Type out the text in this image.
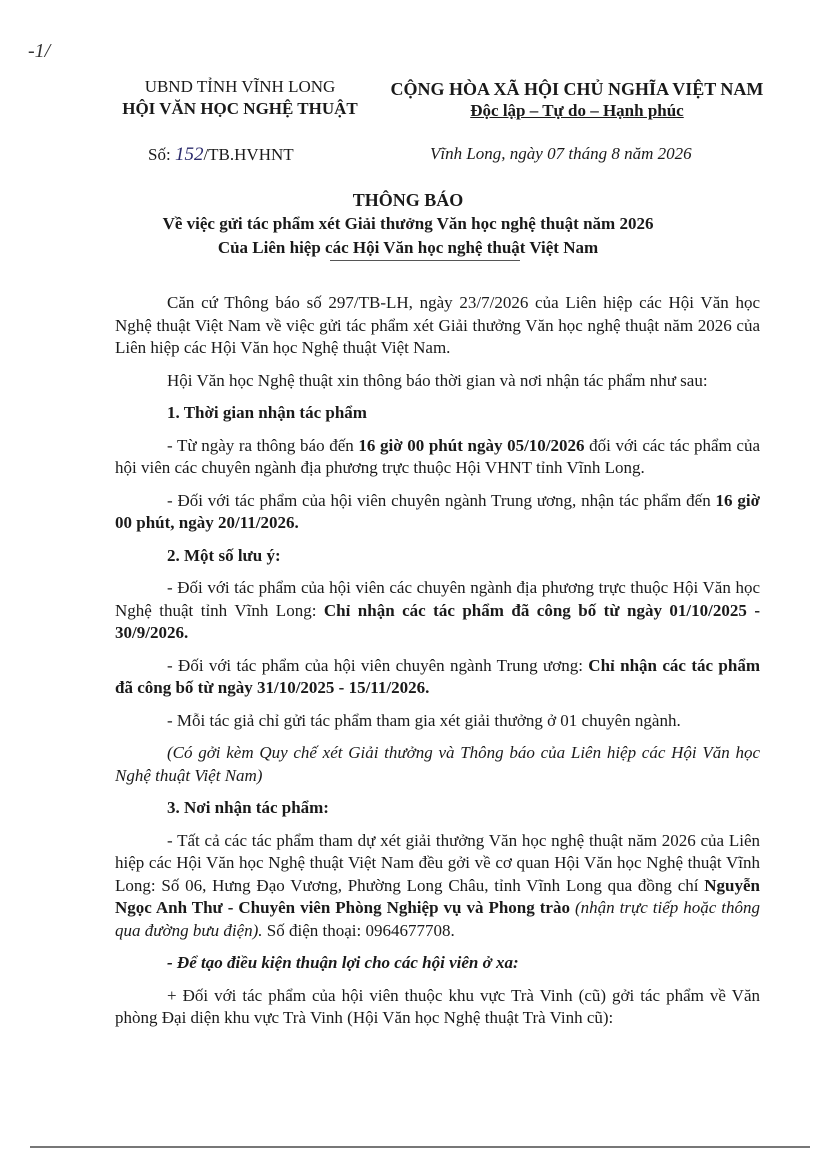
-1/
UBND TỈNH VĨNH LONG
HỘI VĂN HỌC NGHỆ THUẬT
CỘNG HÒA XÃ HỘI CHỦ NGHĨA VIỆT NAM
Độc lập – Tự do – Hạnh phúc
Số: 152/TB.HVHNT	Vĩnh Long, ngày 07 tháng 8 năm 2026
THÔNG BÁO
Về việc gửi tác phẩm xét Giải thưởng Văn học nghệ thuật năm 2026
Của Liên hiệp các Hội Văn học nghệ thuật Việt Nam

Căn cứ Thông báo số 297/TB-LH, ngày 23/7/2026 của Liên hiệp các Hội Văn học Nghệ thuật Việt Nam về việc gửi tác phẩm xét Giải thưởng Văn học nghệ thuật năm 2026 của Liên hiệp các Hội Văn học Nghệ thuật Việt Nam.

Hội Văn học Nghệ thuật xin thông báo thời gian và nơi nhận tác phẩm như sau:

1. Thời gian nhận tác phẩm

- Từ ngày ra thông báo đến 16 giờ 00 phút ngày 05/10/2026 đối với các tác phẩm của hội viên các chuyên ngành địa phương trực thuộc Hội VHNT tỉnh Vĩnh Long.

- Đối với tác phẩm của hội viên chuyên ngành Trung ương, nhận tác phẩm đến 16 giờ 00 phút, ngày 20/11/2026.

2. Một số lưu ý:

- Đối với tác phẩm của hội viên các chuyên ngành địa phương trực thuộc Hội Văn học Nghệ thuật tỉnh Vĩnh Long: Chỉ nhận các tác phẩm đã công bố từ ngày 01/10/2025 - 30/9/2026.

- Đối với tác phẩm của hội viên chuyên ngành Trung ương: Chỉ nhận các tác phẩm đã công bố từ ngày 31/10/2025 - 15/11/2026.

- Mỗi tác giả chỉ gửi tác phẩm tham gia xét giải thưởng ở 01 chuyên ngành.

(Có gởi kèm Quy chế xét Giải thưởng và Thông báo của Liên hiệp các Hội Văn học Nghệ thuật Việt Nam)

3. Nơi nhận tác phẩm:

- Tất cả các tác phẩm tham dự xét giải thưởng Văn học nghệ thuật năm 2026 của Liên hiệp các Hội Văn học Nghệ thuật Việt Nam đều gởi về cơ quan Hội Văn học Nghệ thuật Vĩnh Long: Số 06, Hưng Đạo Vương, Phường Long Châu, tỉnh Vĩnh Long qua đồng chí Nguyễn Ngọc Anh Thư - Chuyên viên Phòng Nghiệp vụ và Phong trào (nhận trực tiếp hoặc thông qua đường bưu điện). Số điện thoại: 0964677708.

- Để tạo điều kiện thuận lợi cho các hội viên ở xa:

+ Đối với tác phẩm của hội viên thuộc khu vực Trà Vinh (cũ) gởi tác phẩm về Văn phòng Đại diện khu vực Trà Vinh (Hội Văn học Nghệ thuật Trà Vinh cũ):
